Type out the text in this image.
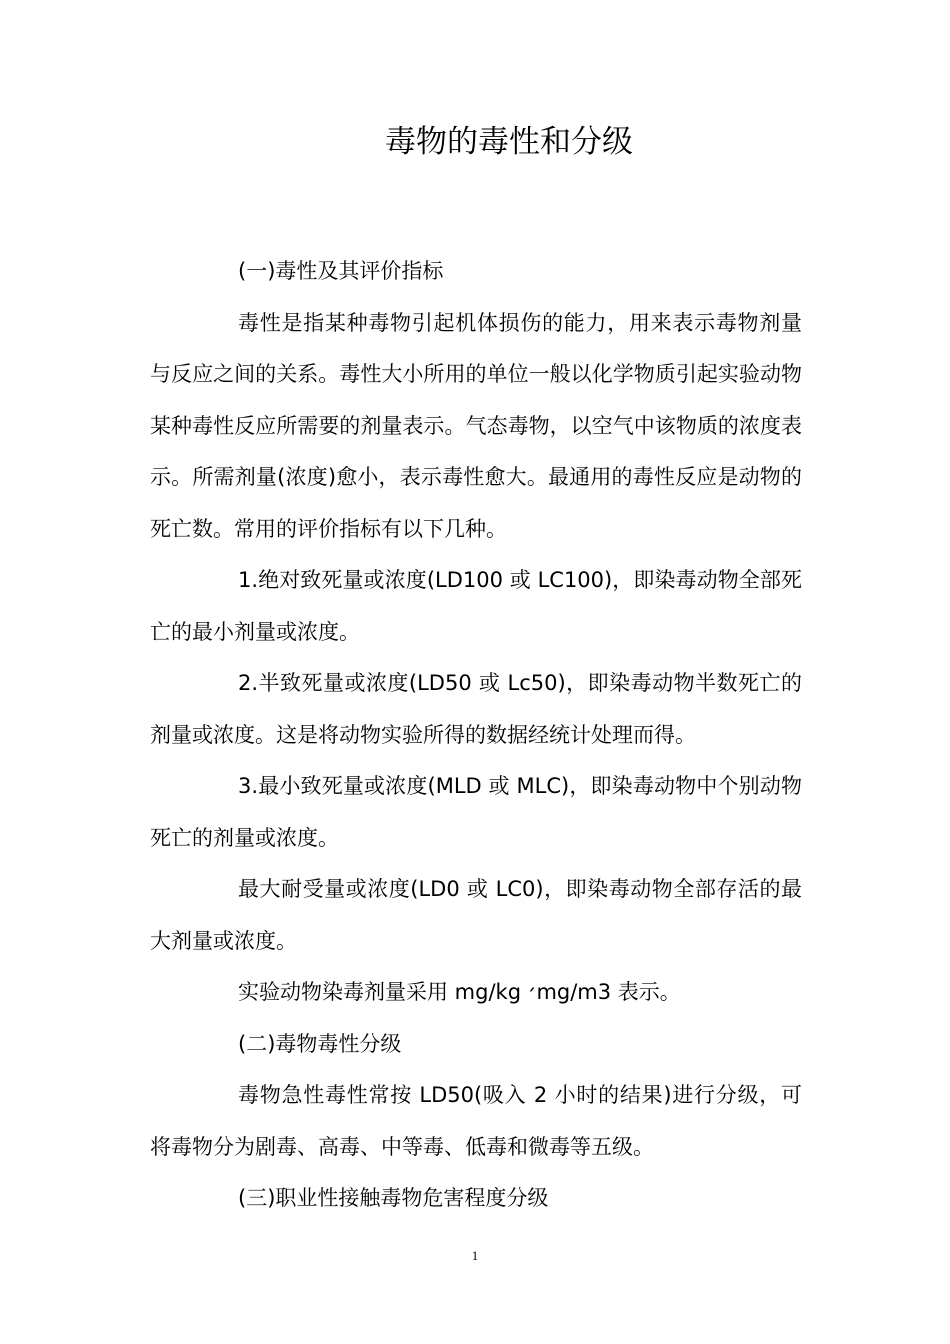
毒物的毒性和分级

(一)毒性及其评价指标

毒性是指某种毒物引起机体损伤的能力，用来表示毒物剂量与反应之间的关系。毒性大小所用的单位一般以化学物质引起实验动物某种毒性反应所需要的剂量表示。气态毒物，以空气中该物质的浓度表示。所需剂量(浓度)愈小，表示毒性愈大。最通用的毒性反应是动物的死亡数。常用的评价指标有以下几种。

1.绝对致死量或浓度(LD100 或 LC100)，即染毒动物全部死亡的最小剂量或浓度。

2.半致死量或浓度(LD50 或 Lc50)，即染毒动物半数死亡的剂量或浓度。这是将动物实验所得的数据经统计处理而得。

3.最小致死量或浓度(MLD 或 MLC)，即染毒动物中个别动物死亡的剂量或浓度。

最大耐受量或浓度(LD0 或 LC0)，即染毒动物全部存活的最大剂量或浓度。

实验动物染毒剂量采用 mg/kg ׳mg/m3 表示。

(二)毒物毒性分级

毒物急性毒性常按 LD50(吸入 2 小时的结果)进行分级，可将毒物分为剧毒、高毒、中等毒、低毒和微毒等五级。

(三)职业性接触毒物危害程度分级

1
